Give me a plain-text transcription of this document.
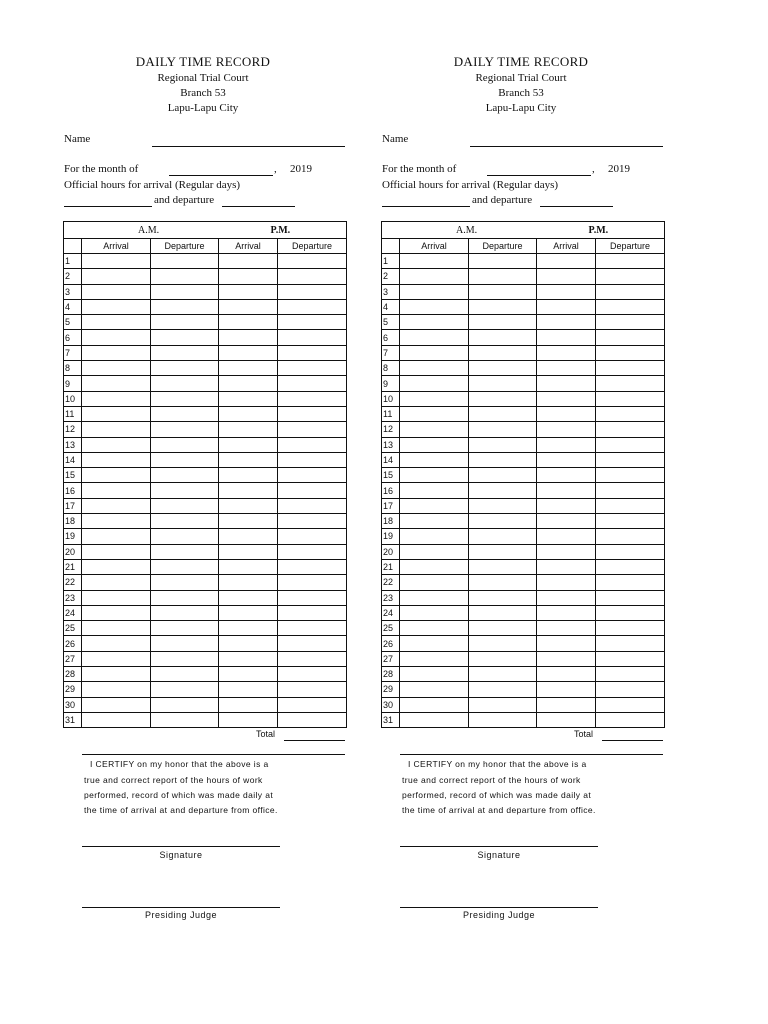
DAILY TIME RECORD
Regional Trial Court
Branch 53
Lapu-Lapu City
Name
For the month of	, 2019
Official hours for arrival (Regular days)
and departure
A.M.			P.M.	
	Arrival	Departure	Arrival	Departure
1				
2				
3				
4				
5				
6				
7				
8				
9				
10				
11				
12				
13				
14				
15				
16				
17				
18				
19				
20				
21				
22				
23				
24				
25				
26				
27				
28				
29				
30				
31				
Total
I CERTIFY on my honor that the above is a
true and correct report of the hours of work
performed, record of which was made daily at
the time of arrival at and departure from office.
Signature
Presiding Judge
DAILY TIME RECORD
Regional Trial Court
Branch 53
Lapu-Lapu City
Name
For the month of	, 2019
Official hours for arrival (Regular days)
and departure
A.M.			P.M.	
	Arrival	Departure	Arrival	Departure
1				
2				
3				
4				
5				
6				
7				
8				
9				
10				
11				
12				
13				
14				
15				
16				
17				
18				
19				
20				
21				
22				
23				
24				
25				
26				
27				
28				
29				
30				
31				
Total
I CERTIFY on my honor that the above is a
true and correct report of the hours of work
performed, record of which was made daily at
the time of arrival at and departure from office.
Signature
Presiding Judge
